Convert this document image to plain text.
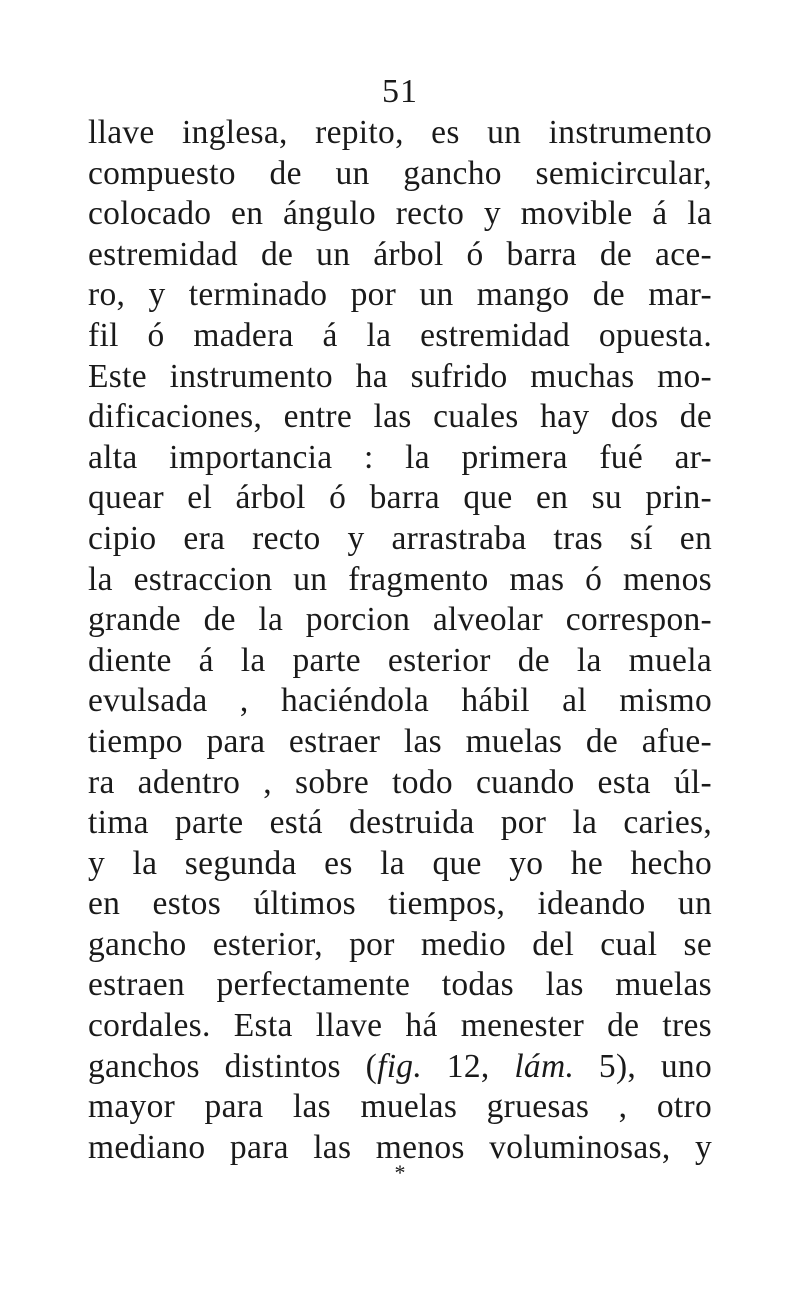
51
llave inglesa, repito, es un instrumento
compuesto de un gancho semicircular,
colocado en ángulo recto y movible á la
estremidad de un árbol ó barra de ace-
ro, y terminado por un mango de mar-
fil ó madera á la estremidad opuesta.
Este instrumento ha sufrido muchas mo-
dificaciones, entre las cuales hay dos de
alta importancia : la primera fué ar-
quear el árbol ó barra que en su prin-
cipio era recto y arrastraba tras sí en
la estraccion un fragmento mas ó menos
grande de la porcion alveolar correspon-
diente á la parte esterior de la muela
evulsada , haciéndola hábil al mismo
tiempo para estraer las muelas de afue-
ra adentro , sobre todo cuando esta úl-
tima parte está destruida por la caries,
y la segunda es la que yo he hecho
en estos últimos tiempos, ideando un
gancho esterior, por medio del cual se
estraen perfectamente todas las muelas
cordales. Esta llave há menester de tres
ganchos distintos (fig. 12, lám. 5), uno
mayor para las muelas gruesas , otro
mediano para las menos voluminosas, y
*
